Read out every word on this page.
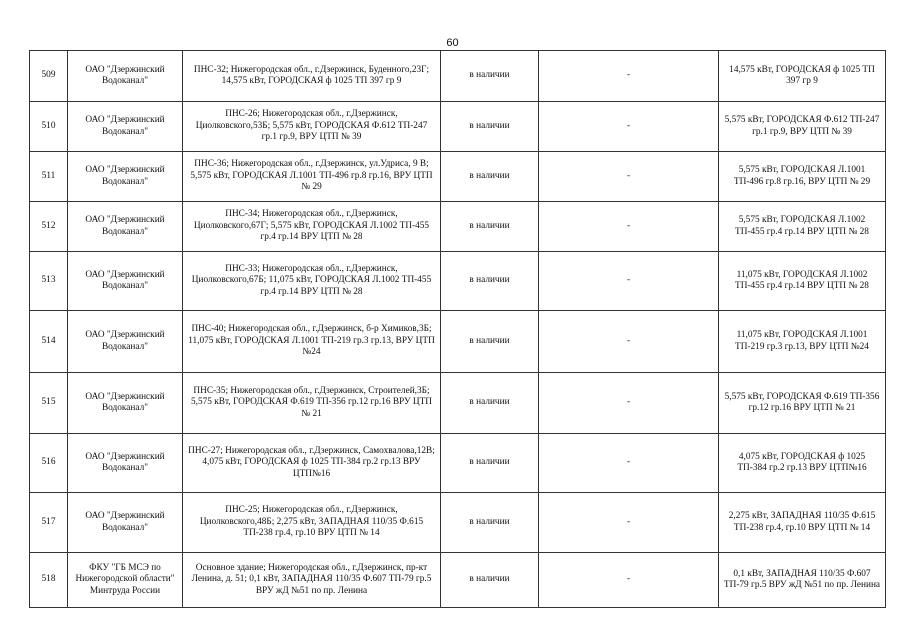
60
509	ОАО "Дзержинский Водоканал"	ПНС-32; Нижегородская обл., г.Дзержинск, Буденного,23Г; 14,575 кВт, ГОРОДСКАЯ ф 1025 ТП 397 гр 9	в наличии	-	14,575 кВт, ГОРОДСКАЯ ф 1025 ТП 397 гр 9
510	ОАО "Дзержинский Водоканал"	ПНС-26; Нижегородская обл., г.Дзержинск, Циолковского,53Б; 5,575 кВт, ГОРОДСКАЯ Ф.612 ТП-247 гр.1 гр.9, ВРУ ЦТП № 39	в наличии	-	5,575 кВт, ГОРОДСКАЯ Ф.612 ТП-247 гр.1 гр.9, ВРУ ЦТП № 39
511	ОАО "Дзержинский Водоканал"	ПНС-36; Нижегородская обл., г.Дзержинск, ул.Удриса, 9 В; 5,575 кВт, ГОРОДСКАЯ Л.1001 ТП-496 гр.8 гр.16, ВРУ ЦТП № 29	в наличии	-	5,575 кВт, ГОРОДСКАЯ Л.1001 ТП-496 гр.8 гр.16, ВРУ ЦТП № 29
512	ОАО "Дзержинский Водоканал"	ПНС-34; Нижегородская обл., г.Дзержинск, Циолковского,67Г; 5,575 кВт, ГОРОДСКАЯ Л.1002 ТП-455 гр.4 гр.14 ВРУ ЦТП № 28	в наличии	-	5,575 кВт, ГОРОДСКАЯ Л.1002 ТП-455 гр.4 гр.14 ВРУ ЦТП № 28
513	ОАО "Дзержинский Водоканал"	ПНС-33; Нижегородская обл., г.Дзержинск, Циолковского,67Б; 11,075 кВт, ГОРОДСКАЯ Л.1002 ТП-455 гр.4 гр.14 ВРУ ЦТП № 28	в наличии	-	11,075 кВт, ГОРОДСКАЯ Л.1002 ТП-455 гр.4 гр.14 ВРУ ЦТП № 28
514	ОАО "Дзержинский Водоканал"	ПНС-40; Нижегородская обл., г.Дзержинск, б-р Химиков,3Б; 11,075 кВт, ГОРОДСКАЯ Л.1001 ТП-219 гр.3 гр.13, ВРУ ЦТП №24	в наличии	-	11,075 кВт, ГОРОДСКАЯ Л.1001 ТП-219 гр.3 гр.13, ВРУ ЦТП №24
515	ОАО "Дзержинский Водоканал"	ПНС-35; Нижегородская обл., г.Дзержинск, Строителей,3Б; 5,575 кВт, ГОРОДСКАЯ Ф.619 ТП-356 гр.12 гр.16 ВРУ ЦТП № 21	в наличии	-	5,575 кВт, ГОРОДСКАЯ Ф.619 ТП-356 гр.12 гр.16 ВРУ ЦТП № 21
516	ОАО "Дзержинский Водоканал"	ПНС-27; Нижегородская обл., г.Дзержинск, Самохвалова,12В; 4,075 кВт, ГОРОДСКАЯ ф 1025 ТП-384 гр.2 гр.13 ВРУ ЦТП№16	в наличии	-	4,075 кВт, ГОРОДСКАЯ ф 1025 ТП-384 гр.2 гр.13 ВРУ ЦТП№16
517	ОАО "Дзержинский Водоканал"	ПНС-25; Нижегородская обл., г.Дзержинск, Циолковского,48Б; 2,275 кВт, ЗАПАДНАЯ 110/35 Ф.615 ТП-238 гр.4, гр.10 ВРУ ЦТП № 14	в наличии	-	2,275 кВт, ЗАПАДНАЯ 110/35 Ф.615 ТП-238 гр.4, гр.10 ВРУ ЦТП № 14
518	ФКУ "ГБ МСЭ по Нижегородской области" Минтруда России	Основное здание; Нижегородская обл., г.Дзержинск, пр-кт Ленина, д. 51; 0,1 кВт, ЗАПАДНАЯ 110/35 Ф.607 ТП-79 гр.5 ВРУ жД №51 по пр. Ленина	в наличии	-	0,1 кВт, ЗАПАДНАЯ 110/35 Ф.607 ТП-79 гр.5 ВРУ жД №51 по пр. Ленина
